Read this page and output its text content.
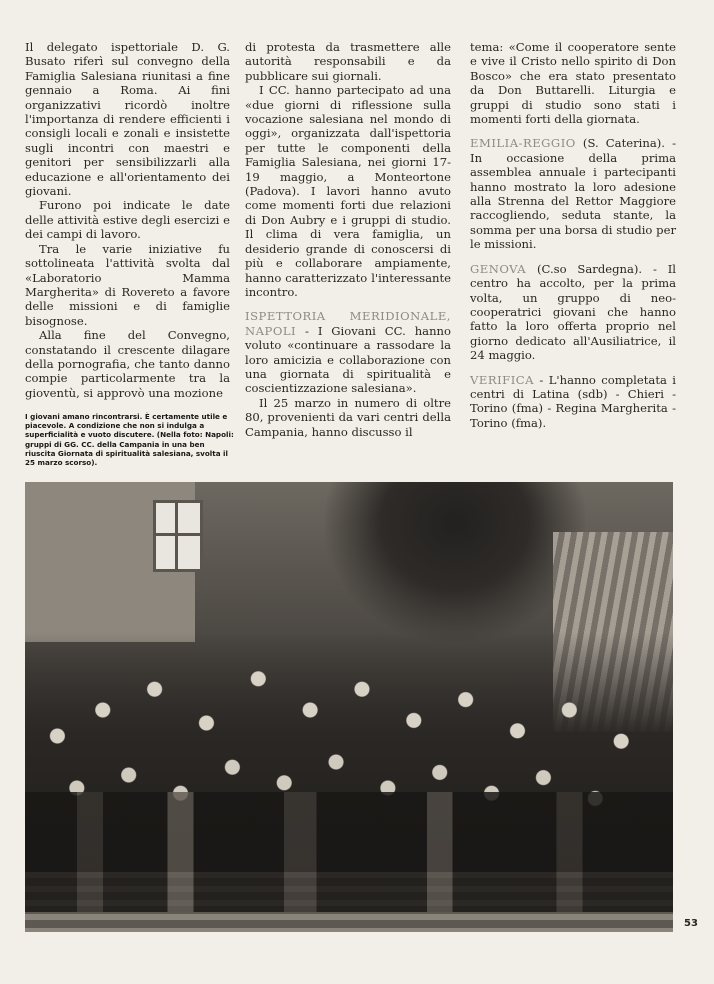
Il delegato ispettoriale D. G. Busato riferì sul convegno della Famiglia Salesiana riunitasi a fine gennaio a Roma. Ai fini organizzativi ricordò inoltre l'importanza di rendere efficienti i consigli locali e zonali e insistette sugli incontri con maestri e genitori per sensibilizzarli alla educazione e all'orientamento dei giovani.

Furono poi indicate le date delle attività estive degli esercizi e dei campi di lavoro.

Tra le varie iniziative fu sottolineata l'attività svolta dal «Laboratorio Mamma Margherita» di Rovereto a favore delle missioni e di famiglie bisognose.

Alla fine del Convegno, constatando il crescente dilagare della pornografia, che tanto danno compie particolarmente tra la gioventù, si approvò una mozione

di protesta da trasmettere alle autorità responsabili e da pubblicare sui giornali.

I CC. hanno partecipato ad una «due giorni di riflessione sulla vocazione salesiana nel mondo di oggi», organizzata dall'ispettoria per tutte le componenti della Famiglia Salesiana, nei giorni 17-19 maggio, a Monteortone (Padova). I lavori hanno avuto come momenti forti due relazioni di Don Aubry e i gruppi di studio. Il clima di vera famiglia, un desiderio grande di conoscersi di più e collaborare ampiamente, hanno caratterizzato l'interessante incontro.

ISPETTORIA MERIDIONALE, NAPOLI - I Giovani CC. hanno voluto «continuare a rassodare la loro amicizia e collaborazione con una giornata di spiritualità e coscientizzazione salesiana».

Il 25 marzo in numero di oltre 80, provenienti da vari centri della Campania, hanno discusso il

tema: «Come il cooperatore sente e vive il Cristo nello spirito di Don Bosco» che era stato presentato da Don Buttarelli. Liturgia e gruppi di studio sono stati i momenti forti della giornata.

EMILIA-REGGIO (S. Caterina). - In occasione della prima assemblea annuale i partecipanti hanno mostrato la loro adesione alla Strenna del Rettor Maggiore raccogliendo, seduta stante, la somma per una borsa di studio per le missioni.

GENOVA (C.so Sardegna). - Il centro ha accolto, per la prima volta, un gruppo di neo-cooperatrici giovani che hanno fatto la loro offerta proprio nel giorno dedicato all'Ausiliatrice, il 24 maggio.

VERIFICA - L'hanno completata i centri di Latina (sdb) - Chieri - Torino (fma) - Regina Margherita - Torino (fma).

I giovani amano rincontrarsi. È certamente utile e piacevole. A condizione che non si indulga a superficialità e vuoto discutere. (Nella foto: Napoli: gruppi di GG. CC. della Campania in una ben riuscita Giornata di spiritualità salesiana, svolta il 25 marzo scorso).
53
